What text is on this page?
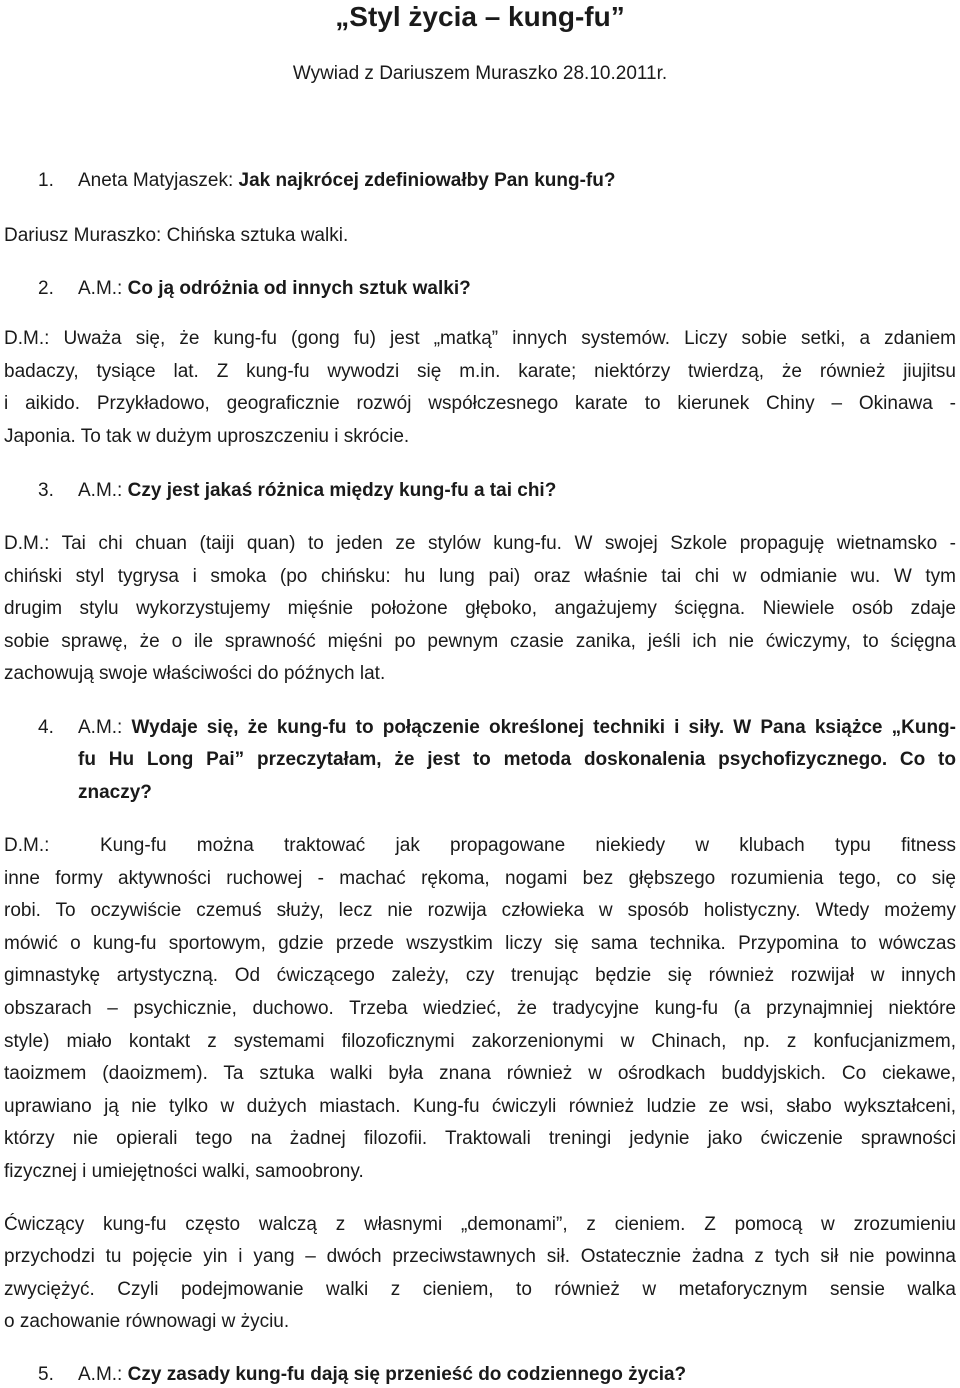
„Styl życia – kung-fu”
Wywiad z Dariuszem Muraszko 28.10.2011r.
1. Aneta Matyjaszek: Jak najkrócej zdefiniowałby Pan kung-fu?
Dariusz Muraszko: Chińska sztuka walki.
2. A.M.: Co ją odróżnia od innych sztuk walki?
D.M.: Uważa się, że kung-fu (gong fu) jest „matką” innych systemów. Liczy sobie setki, a zdaniem
badaczy, tysiące lat. Z kung-fu wywodzi się m.in. karate; niektórzy twierdzą, że również jiujitsu
i aikido. Przykładowo, geograficznie rozwój współczesnego karate to kierunek Chiny – Okinawa -
Japonia. To tak w dużym uproszczeniu i skrócie.
3. A.M.: Czy jest jakaś różnica między kung-fu a tai chi?
D.M.: Tai chi chuan (taiji quan) to jeden ze stylów kung-fu. W swojej Szkole propaguję wietnamsko -
chiński styl tygrysa i smoka (po chińsku: hu lung pai) oraz właśnie tai chi w odmianie wu. W tym
drugim stylu wykorzystujemy mięśnie położone głęboko, angażujemy ścięgna. Niewiele osób zdaje
sobie sprawę, że o ile sprawność mięśni po pewnym czasie zanika, jeśli ich nie ćwiczymy, to ścięgna
zachowują swoje właściwości do późnych lat.
4. A.M.: Wydaje się, że kung-fu to połączenie określonej techniki i siły. W Pana książce „Kung-
fu Hu Long Pai” przeczytałam, że jest to metoda doskonalenia psychofizycznego. Co to
znaczy?
D.M.:	Kung-fu można traktować jak propagowane niekiedy w klubach typu fitness
inne formy aktywności ruchowej - machać rękoma, nogami bez głębszego rozumienia tego, co się
robi. To oczywiście czemuś służy, lecz nie rozwija człowieka w sposób holistyczny. Wtedy możemy
mówić o kung-fu sportowym, gdzie przede wszystkim liczy się sama technika. Przypomina to wówczas
gimnastykę artystyczną. Od ćwiczącego zależy, czy trenując będzie się również rozwijał w innych
obszarach – psychicznie, duchowo. Trzeba wiedzieć, że tradycyjne kung-fu (a przynajmniej niektóre
style) miało kontakt z systemami filozoficznymi zakorzenionymi w Chinach, np. z konfucjanizmem,
taoizmem (daoizmem). Ta sztuka walki była znana również w ośrodkach buddyjskich. Co ciekawe,
uprawiano ją nie tylko w dużych miastach. Kung-fu ćwiczyli również ludzie ze wsi, słabo wykształceni,
którzy nie opierali tego na żadnej filozofii. Traktowali treningi jedynie jako ćwiczenie sprawności
fizycznej i umiejętności walki, samoobrony.
Ćwiczący kung-fu często walczą z własnymi „demonami”, z cieniem. Z pomocą w zrozumieniu
przychodzi tu pojęcie yin i yang – dwóch przeciwstawnych sił. Ostatecznie żadna z tych sił nie powinna
zwyciężyć. Czyli podejmowanie walki z cieniem, to również w metaforycznym sensie walka
o zachowanie równowagi w życiu.
5. A.M.: Czy zasady kung-fu dają się przenieść do codziennego życia?
